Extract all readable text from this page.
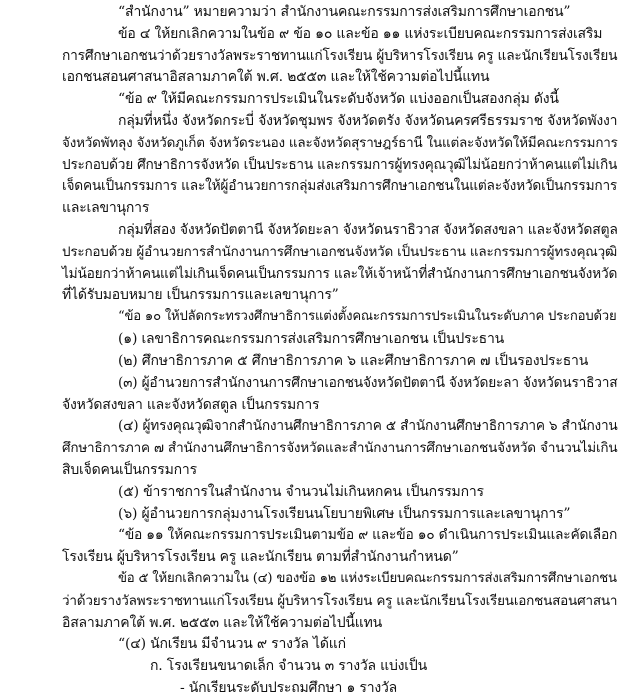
“สำนักงาน” หมายความว่า สำนักงานคณะกรรมการส่งเสริมการศึกษาเอกชน”
ข้อ ๔ ให้ยกเลิกความในข้อ ๙ ข้อ ๑๐ และข้อ ๑๑ แห่งระเบียบคณะกรรมการส่งเสริม
การศึกษาเอกชนว่าด้วยรางวัลพระราชทานแก่โรงเรียน ผู้บริหารโรงเรียน ครู และนักเรียนโรงเรียน
เอกชนสอนศาสนาอิสลามภาคใต้ พ.ศ. ๒๕๕๓ และให้ใช้ความต่อไปนี้แทน
“ข้อ ๙ ให้มีคณะกรรมการประเมินในระดับจังหวัด แบ่งออกเป็นสองกลุ่ม ดังนี้
กลุ่มที่หนึ่ง จังหวัดกระบี่ จังหวัดชุมพร จังหวัดตรัง จังหวัดนครศรีธรรมราช จังหวัดพังงา
จังหวัดพัทลุง จังหวัดภูเก็ต จังหวัดระนอง และจังหวัดสุราษฎร์ธานี ในแต่ละจังหวัดให้มีคณะกรรมการ
ประกอบด้วย ศึกษาธิการจังหวัด เป็นประธาน และกรรมการผู้ทรงคุณวุฒิไม่น้อยกว่าห้าคนแต่ไม่เกิน
เจ็ดคนเป็นกรรมการ และให้ผู้อำนวยการกลุ่มส่งเสริมการศึกษาเอกชนในแต่ละจังหวัดเป็นกรรมการ
และเลขานุการ
กลุ่มที่สอง จังหวัดปัตตานี จังหวัดยะลา จังหวัดนราธิวาส จังหวัดสงขลา และจังหวัดสตูล
ประกอบด้วย ผู้อำนวยการสำนักงานการศึกษาเอกชนจังหวัด เป็นประธาน และกรรมการผู้ทรงคุณวุฒิ
ไม่น้อยกว่าห้าคนแต่ไม่เกินเจ็ดคนเป็นกรรมการ และให้เจ้าหน้าที่สำนักงานการศึกษาเอกชนจังหวัด
ที่ได้รับมอบหมาย เป็นกรรมการและเลขานุการ”
“ข้อ ๑๐ ให้ปลัดกระทรวงศึกษาธิการแต่งตั้งคณะกรรมการประเมินในระดับภาค ประกอบด้วย
(๑) เลขาธิการคณะกรรมการส่งเสริมการศึกษาเอกชน เป็นประธาน
(๒) ศึกษาธิการภาค ๕ ศึกษาธิการภาค ๖ และศึกษาธิการภาค ๗ เป็นรองประธาน
(๓) ผู้อำนวยการสำนักงานการศึกษาเอกชนจังหวัดปัตตานี จังหวัดยะลา จังหวัดนราธิวาส
จังหวัดสงขลา และจังหวัดสตูล เป็นกรรมการ
(๔) ผู้ทรงคุณวุฒิจากสำนักงานศึกษาธิการภาค ๕ สำนักงานศึกษาธิการภาค ๖ สำนักงาน
ศึกษาธิการภาค ๗ สำนักงานศึกษาธิการจังหวัดและสำนักงานการศึกษาเอกชนจังหวัด จำนวนไม่เกิน
สิบเจ็ดคนเป็นกรรมการ
(๕) ข้าราชการในสำนักงาน จำนวนไม่เกินหกคน เป็นกรรมการ
(๖) ผู้อำนวยการกลุ่มงานโรงเรียนนโยบายพิเศษ เป็นกรรมการและเลขานุการ”
“ข้อ ๑๑ ให้คณะกรรมการประเมินตามข้อ ๙ และข้อ ๑๐ ดำเนินการประเมินและคัดเลือก
โรงเรียน ผู้บริหารโรงเรียน ครู และนักเรียน ตามที่สำนักงานกำหนด”
ข้อ ๕ ให้ยกเลิกความใน (๔) ของข้อ ๑๒ แห่งระเบียบคณะกรรมการส่งเสริมการศึกษาเอกชน
ว่าด้วยรางวัลพระราชทานแก่โรงเรียน ผู้บริหารโรงเรียน ครู และนักเรียนโรงเรียนเอกชนสอนศาสนา
อิสลามภาคใต้ พ.ศ. ๒๕๕๓ และให้ใช้ความต่อไปนี้แทน
“(๔) นักเรียน มีจำนวน ๙ รางวัล ได้แก่
ก. โรงเรียนขนาดเล็ก จำนวน ๓ รางวัล แบ่งเป็น
- นักเรียนระดับประถมศึกษา ๑ รางวัล
